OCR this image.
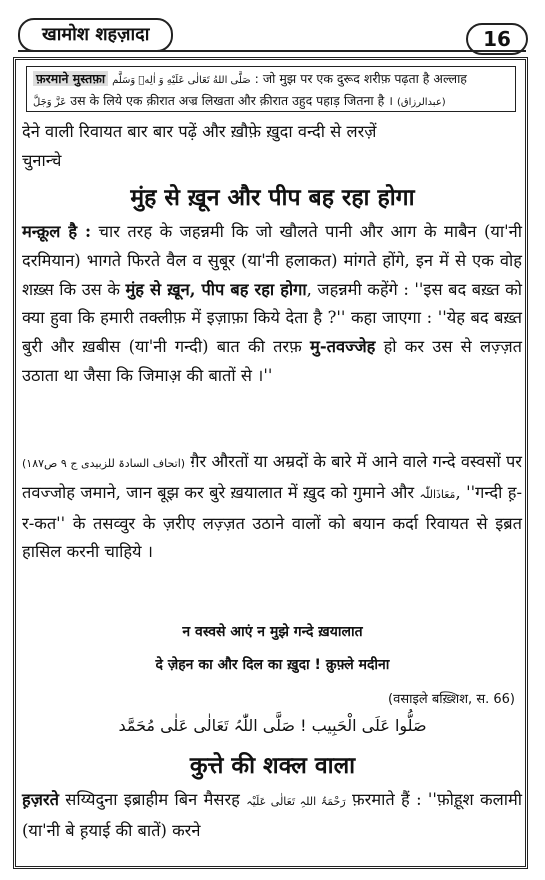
खामोश शहज़ादा	16
फ़रमाने मुस्तफ़ा صَلَّى اللهُ تَعَالٰى عَلَيْهِ وَ اٰلِهٖ وَسَلَّم : जो मुझ पर एक दुरूद शरीफ़ पढ़ता है अल्लाह
عَزَّ وَجَلَّ उस के लिये एक क़ीरात अज्र लिखता और क़ीरात उहुद पहाड़ जितना है । (عبدالرزاق)

देने वाली रिवायत बार बार पढ़ें और ख़ौफ़े ख़ुदा वन्दी से लरज़ें

चुनान्चे

मुंह से ख़ून और पीप बह रहा होगा

मन्क़ूल है : चार तरह के जहन्नमी कि जो खौलते पानी और आग के माबैन (या'नी दरमियान) भागते फिरते वैल व सुबूर (या'नी हलाकत) मांगते होंगे, इन में से एक वोह शख़्स कि उस के मुंह से ख़ून, पीप बह रहा होगा, जहन्नमी कहेंगे : ''इस बद बख़्त को क्या हुवा कि हमारी तक्लीफ़ में इज़ाफ़ा किये देता है ?'' कहा जाएगा : ''येह बद बख़्त बुरी और ख़बीस (या'नी गन्दी) बात की तरफ़ मु-तवज्जेह हो कर उस से लज़्ज़त उठाता था जैसा कि जिमाअ़ की बातों से ।''

(اتحاف السادۃ للزبیدی ج ۹ ص۱۸۷) ग़ैर औरतों या अम्रदों के बारे में आने वाले गन्दे वस्वसों पर तवज्जोह जमाने, जान बूझ कर बुरे ख़यालात में ख़ुद को गुमाने और مَعَاذَاللّٰہ, ''गन्दी ह़-र-कत'' के तसव्वुर के ज़रीए लज़्ज़त उठाने वालों को बयान कर्दा रिवायत से इब्रत हासिल करनी चाहिये ।

न वस्वसे आएं न मुझे गन्दे ख़यालात
दे ज़ेहन का और दिल का ख़ुदा ! क़ुफ़्ले मदीना
(वसाइले बख़्शिश, स. 66)
صَلُّوا عَلَی الْحَبِیب ! صَلَّی اللّٰہُ تَعَالٰی عَلٰی مُحَمَّد
कुत्ते की शक्ल वाला

ह़ज़रते सय्यिदुना इब्राहीम बिन मैसरह رَحْمَۃُ اللہِ تَعَالٰی عَلَیْہ फ़रमाते हैं : ''फ़ोह़ूश कलामी (या'नी बे ह़याई की बातें) करने
